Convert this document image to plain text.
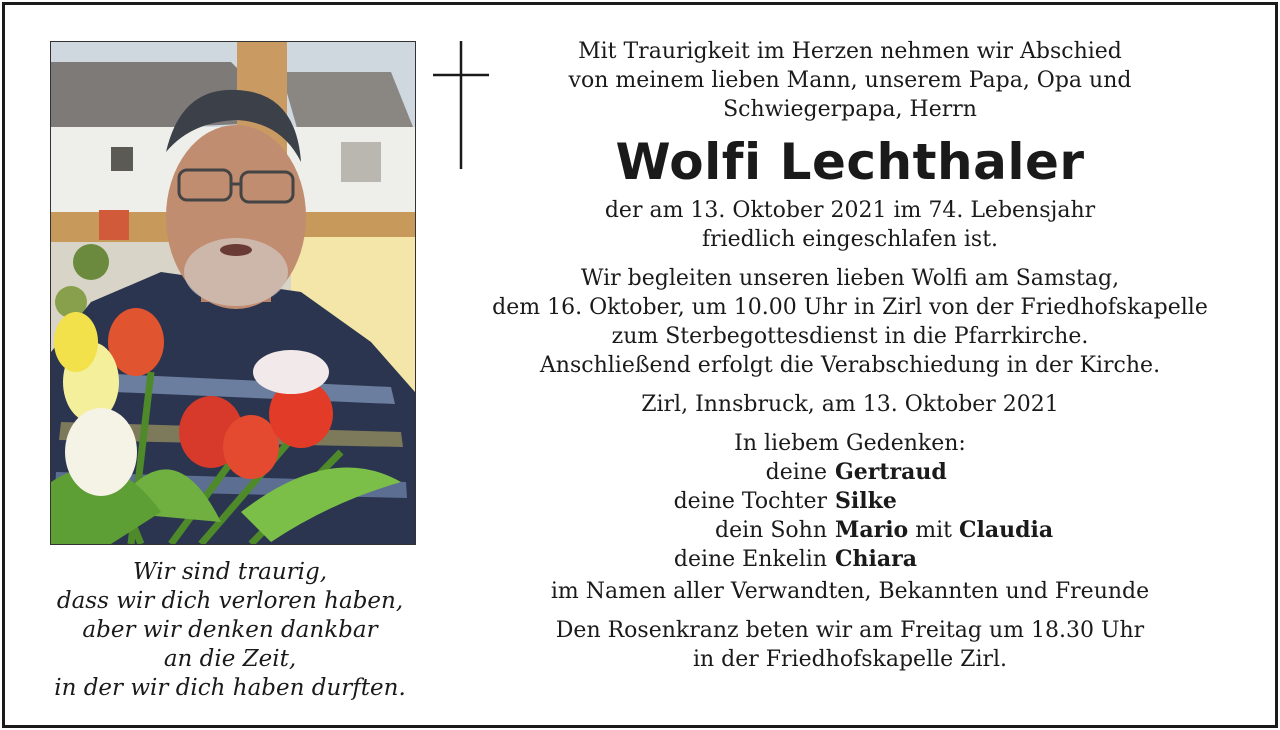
Wir sind traurig,
dass wir dich verloren haben,
aber wir denken dankbar
an die Zeit,
in der wir dich haben durften.
Mit Traurigkeit im Herzen nehmen wir Abschied
von meinem lieben Mann, unserem Papa, Opa und
Schwiegerpapa, Herrn
Wolfi Lechthaler
der am 13. Oktober 2021 im 74. Lebensjahr
friedlich eingeschlafen ist.
Wir begleiten unseren lieben Wolfi am Samstag,
dem 16. Oktober, um 10.00 Uhr in Zirl von der Friedhofskapelle
zum Sterbegottesdienst in die Pfarrkirche.
Anschließend erfolgt die Verabschiedung in der Kirche.
Zirl, Innsbruck, am 13. Oktober 2021
In liebem Gedenken:
deine Gertraud
deine Tochter Silke
dein Sohn Mario mit Claudia
deine Enkelin Chiara
im Namen aller Verwandten, Bekannten und Freunde
Den Rosenkranz beten wir am Freitag um 18.30 Uhr
in der Friedhofskapelle Zirl.
